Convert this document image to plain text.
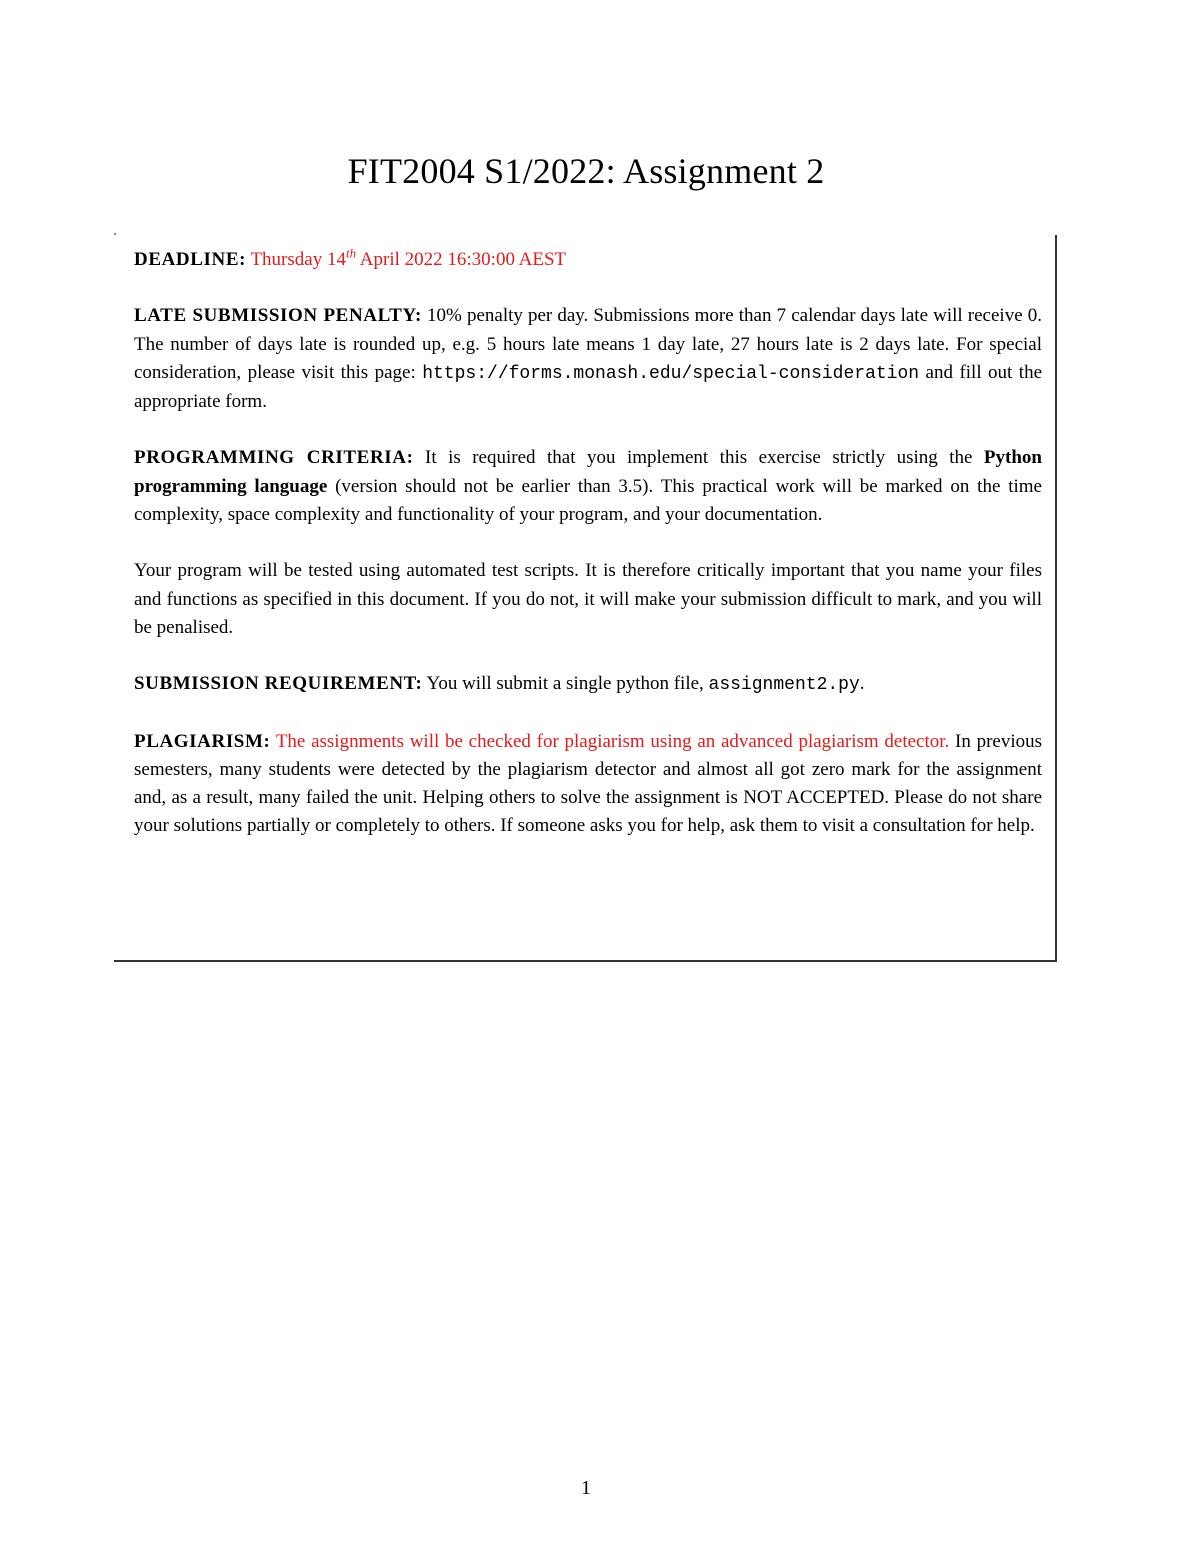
FIT2004 S1/2022: Assignment 2

DEADLINE: Thursday 14th April 2022 16:30:00 AEST

LATE SUBMISSION PENALTY: 10% penalty per day. Submissions more than 7 calendar days late will receive 0. The number of days late is rounded up, e.g. 5 hours late means 1 day late, 27 hours late is 2 days late. For special consideration, please visit this page: https://forms.monash.edu/special-consideration and fill out the appropriate form.

PROGRAMMING CRITERIA: It is required that you implement this exercise strictly using the Python programming language (version should not be earlier than 3.5). This practical work will be marked on the time complexity, space complexity and functionality of your program, and your documentation.

Your program will be tested using automated test scripts. It is therefore critically important that you name your files and functions as specified in this document. If you do not, it will make your submission difficult to mark, and you will be penalised.

SUBMISSION REQUIREMENT: You will submit a single python file, assignment2.py.

PLAGIARISM: The assignments will be checked for plagiarism using an advanced plagiarism detector. In previous semesters, many students were detected by the plagiarism detector and almost all got zero mark for the assignment and, as a result, many failed the unit. Helping others to solve the assignment is NOT ACCEPTED. Please do not share your solutions partially or completely to others. If someone asks you for help, ask them to visit a consultation for help.

1
